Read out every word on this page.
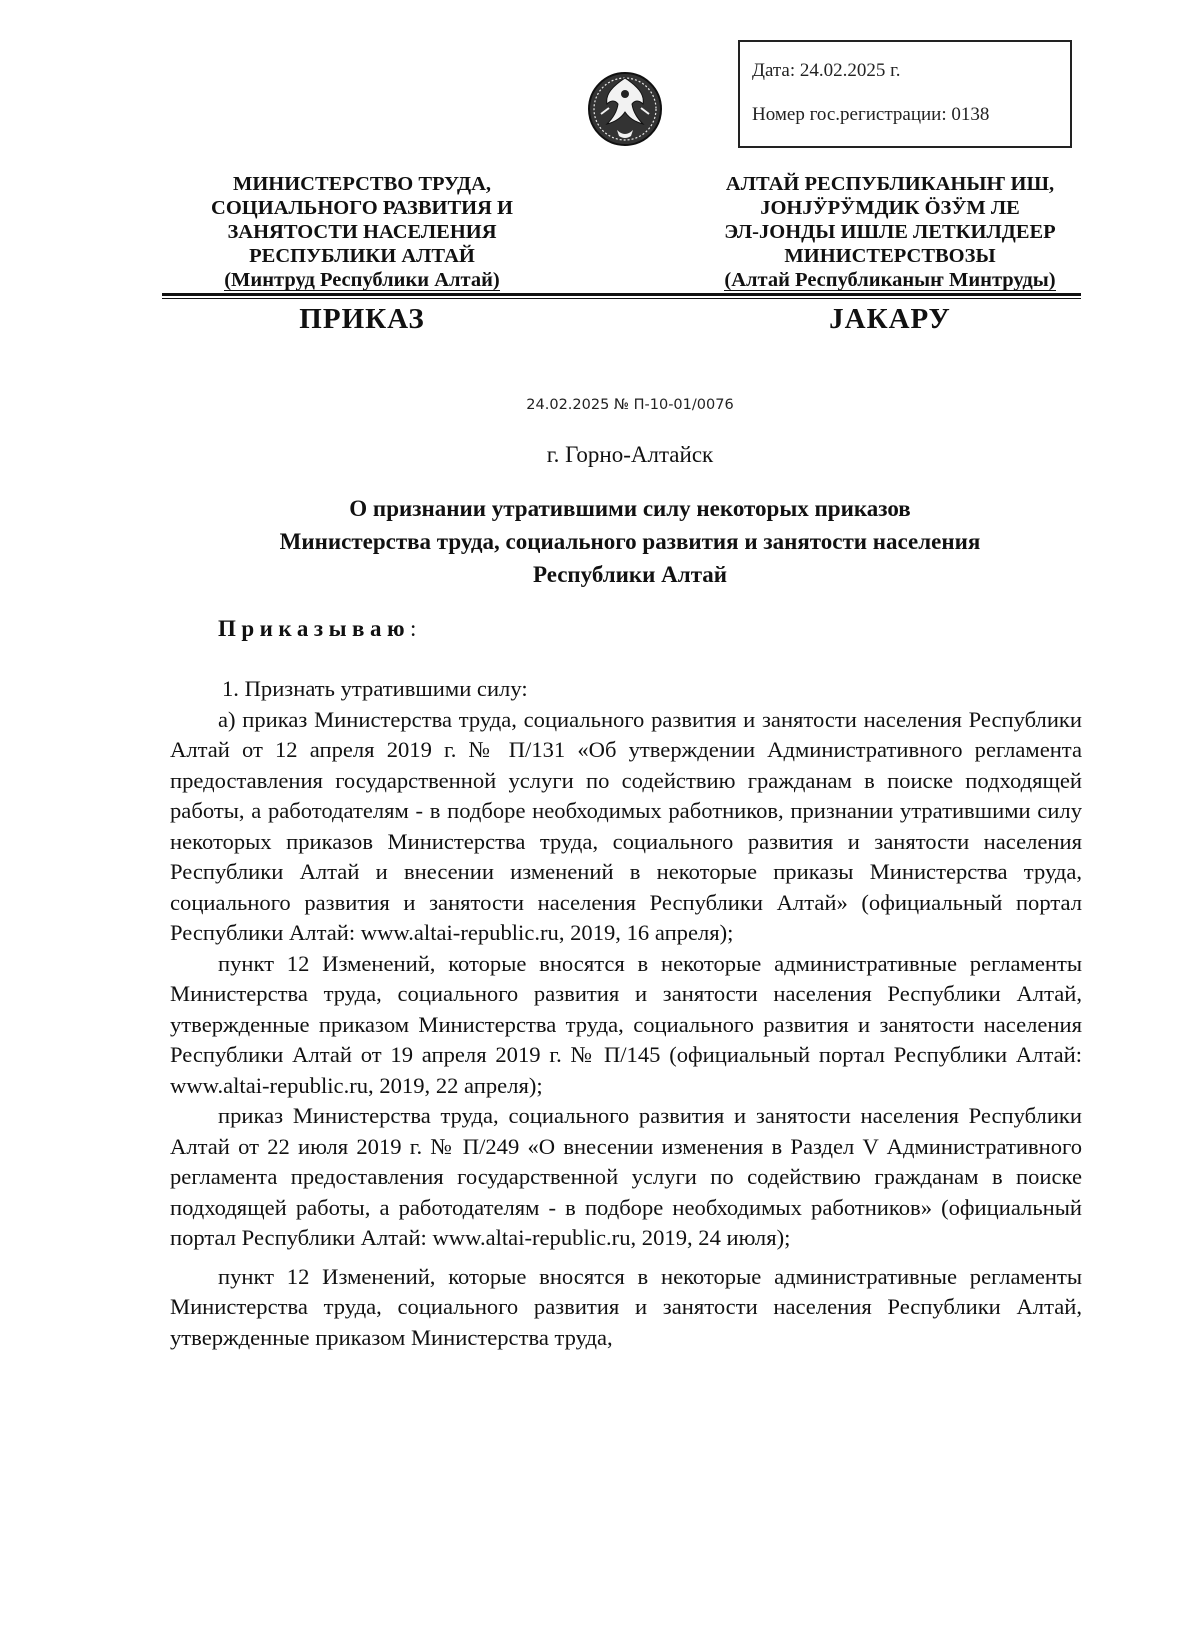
Дата: 24.02.2025 г.
Номер гос.регистрации: 0138
МИНИСТЕРСТВО ТРУДА,
СОЦИАЛЬНОГО РАЗВИТИЯ И
ЗАНЯТОСТИ НАСЕЛЕНИЯ
РЕСПУБЛИКИ АЛТАЙ
(Минтруд Республики Алтай)
АЛТАЙ РЕСПУБЛИКАНЫҤ ИШ,
JОНJӰРӰМДИК ÖЗӰМ ЛЕ
ЭЛ-JОНДЫ ИШЛЕ ЛЕТКИЛДЕЕР
МИНИСТЕРСТВОЗЫ
(Алтай Республиканыҥ Минтруды)
ПРИКАЗ	JАКАРУ
24.02.2025 № П-10-01/0076
г. Горно-Алтайск
О признании утратившими силу некоторых приказов
Министерства труда, социального развития и занятости населения
Республики Алтай
Приказываю:

1. Признать утратившими силу:

а) приказ Министерства труда, социального развития и занятости населения Республики Алтай от 12 апреля 2019 г. № П/131 «Об утверждении Административного регламента предоставления государственной услуги по содействию гражданам в поиске подходящей работы, а работодателям - в подборе необходимых работников, признании утратившими силу некоторых приказов Министерства труда, социального развития и занятости населения Республики Алтай и внесении изменений в некоторые приказы Министерства труда, социального развития и занятости населения Республики Алтай» (официальный портал Республики Алтай: www.altai-republic.ru, 2019, 16 апреля);

пункт 12 Изменений, которые вносятся в некоторые административные регламенты Министерства труда, социального развития и занятости населения Республики Алтай, утвержденные приказом Министерства труда, социального развития и занятости населения Республики Алтай от 19 апреля 2019 г. № П/145 (официальный портал Республики Алтай: www.altai-republic.ru, 2019, 22 апреля);

приказ Министерства труда, социального развития и занятости населения Республики Алтай от 22 июля 2019 г. № П/249 «О внесении изменения в Раздел V Административного регламента предоставления государственной услуги по содействию гражданам в поиске подходящей работы, а работодателям - в подборе необходимых работников» (официальный портал Республики Алтай: www.altai-republic.ru, 2019, 24 июля);

пункт 12 Изменений, которые вносятся в некоторые административные регламенты Министерства труда, социального развития и занятости населения Республики Алтай, утвержденные приказом Министерства труда,
